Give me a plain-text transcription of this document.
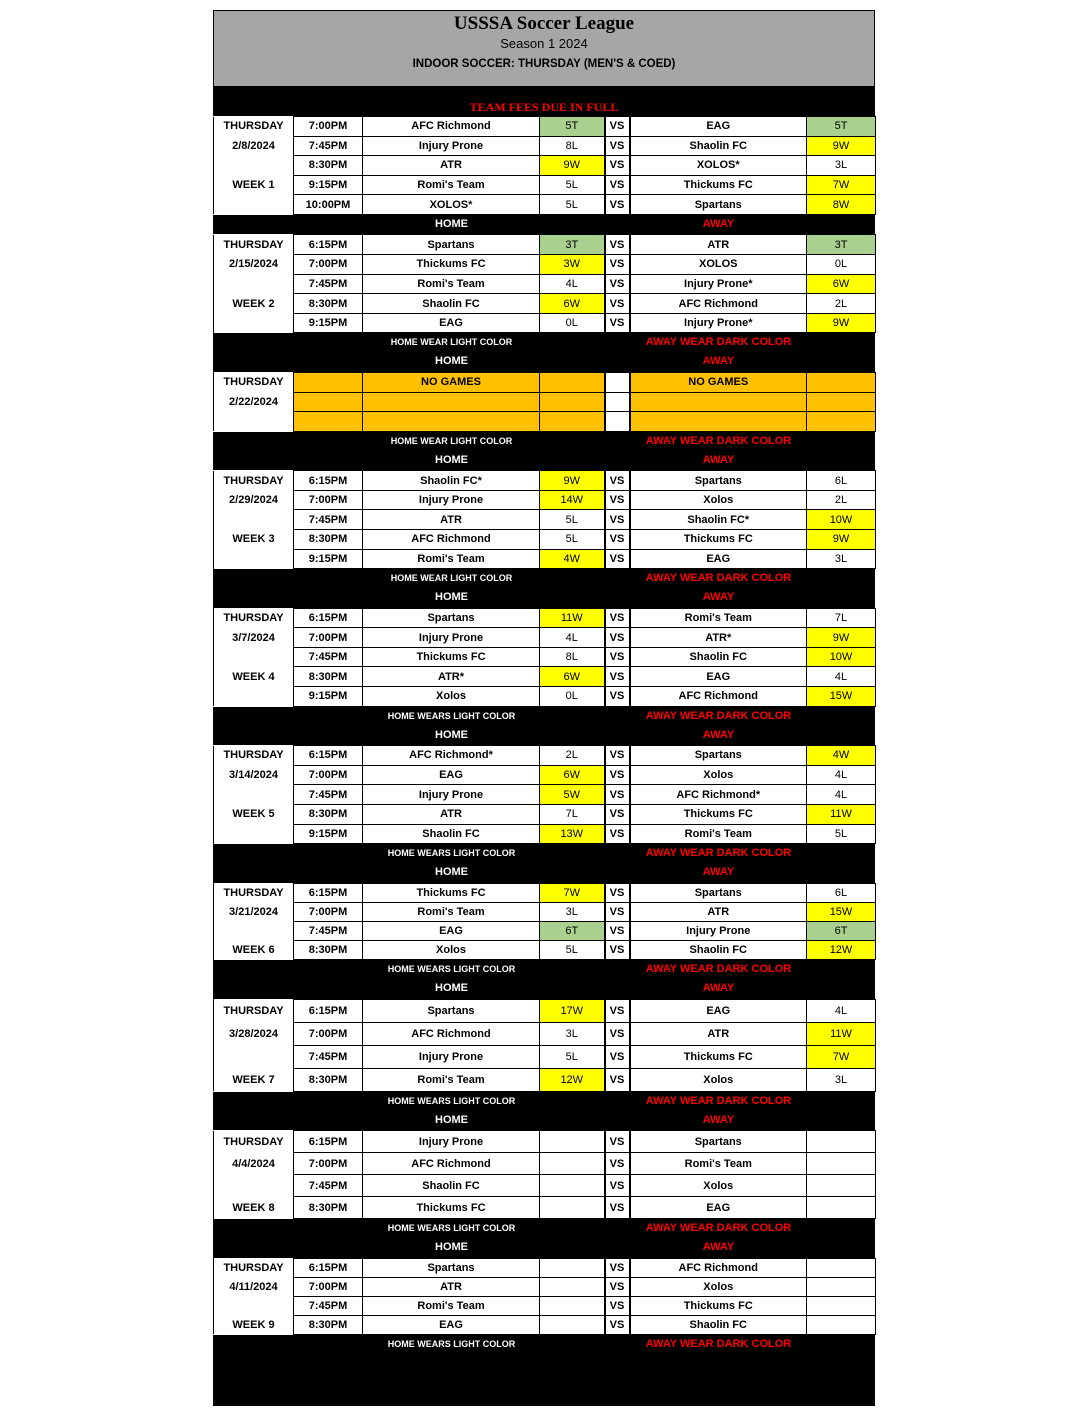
USSSA Soccer League
Season 1 2024
INDOOR SOCCER: THURSDAY (MEN'S & COED)
TEAM FEES DUE IN FULL
THURSDAY	7:00PM	AFC Richmond	5T	VS	EAG	5T
2/8/2024	7:45PM	Injury Prone	8L	VS	Shaolin FC	9W
	8:30PM	ATR	9W	VS	XOLOS*	3L
WEEK 1	9:15PM	Romi's Team	5L	VS	Thickums FC	7W
	10:00PM	XOLOS*	5L	VS	Spartans	8W
HOME	AWAY
THURSDAY	6:15PM	Spartans	3T	VS	ATR	3T
2/15/2024	7:00PM	Thickums FC	3W	VS	XOLOS	0L
	7:45PM	Romi's Team	4L	VS	Injury Prone*	6W
WEEK 2	8:30PM	Shaolin FC	6W	VS	AFC Richmond	2L
	9:15PM	EAG	0L	VS	Injury Prone*	9W
HOME WEAR LIGHT COLOR	AWAY WEAR DARK COLOR
HOME	AWAY
THURSDAY		NO GAMES			NO GAMES	
2/22/2024						

HOME WEAR LIGHT COLOR	AWAY WEAR DARK COLOR
HOME	AWAY
THURSDAY	6:15PM	Shaolin FC*	9W	VS	Spartans	6L
2/29/2024	7:00PM	Injury Prone	14W	VS	Xolos	2L
	7:45PM	ATR	5L	VS	Shaolin FC*	10W
WEEK 3	8:30PM	AFC Richmond	5L	VS	Thickums FC	9W
	9:15PM	Romi's Team	4W	VS	EAG	3L
HOME WEAR LIGHT COLOR	AWAY WEAR DARK COLOR
HOME	AWAY
THURSDAY	6:15PM	Spartans	11W	VS	Romi's Team	7L
3/7/2024	7:00PM	Injury Prone	4L	VS	ATR*	9W
	7:45PM	Thickums FC	8L	VS	Shaolin FC	10W
WEEK 4	8:30PM	ATR*	6W	VS	EAG	4L
	9:15PM	Xolos	0L	VS	AFC Richmond	15W
HOME WEARS LIGHT COLOR	AWAY WEAR DARK COLOR
HOME	AWAY
THURSDAY	6:15PM	AFC Richmond*	2L	VS	Spartans	4W
3/14/2024	7:00PM	EAG	6W	VS	Xolos	4L
	7:45PM	Injury Prone	5W	VS	AFC Richmond*	4L
WEEK 5	8:30PM	ATR	7L	VS	Thickums FC	11W
	9:15PM	Shaolin FC	13W	VS	Romi's Team	5L
HOME WEARS LIGHT COLOR	AWAY WEAR DARK COLOR
HOME	AWAY
THURSDAY	6:15PM	Thickums FC	7W	VS	Spartans	6L
3/21/2024	7:00PM	Romi's Team	3L	VS	ATR	15W
	7:45PM	EAG	6T	VS	Injury Prone	6T
WEEK 6	8:30PM	Xolos	5L	VS	Shaolin FC	12W
HOME WEARS LIGHT COLOR	AWAY WEAR DARK COLOR
HOME	AWAY
THURSDAY	6:15PM	Spartans	17W	VS	EAG	4L
3/28/2024	7:00PM	AFC Richmond	3L	VS	ATR	11W
	7:45PM	Injury Prone	5L	VS	Thickums FC	7W
WEEK 7	8:30PM	Romi's Team	12W	VS	Xolos	3L
HOME WEARS LIGHT COLOR	AWAY WEAR DARK COLOR
HOME	AWAY
THURSDAY	6:15PM	Injury Prone		VS	Spartans	
4/4/2024	7:00PM	AFC Richmond		VS	Romi's Team	
	7:45PM	Shaolin FC		VS	Xolos	
WEEK 8	8:30PM	Thickums FC		VS	EAG	
HOME WEARS LIGHT COLOR	AWAY WEAR DARK COLOR
HOME	AWAY
THURSDAY	6:15PM	Spartans		VS	AFC Richmond	
4/11/2024	7:00PM	ATR		VS	Xolos	
	7:45PM	Romi's Team		VS	Thickums FC	
WEEK 9	8:30PM	EAG		VS	Shaolin FC	
HOME WEARS LIGHT COLOR	AWAY WEAR DARK COLOR
